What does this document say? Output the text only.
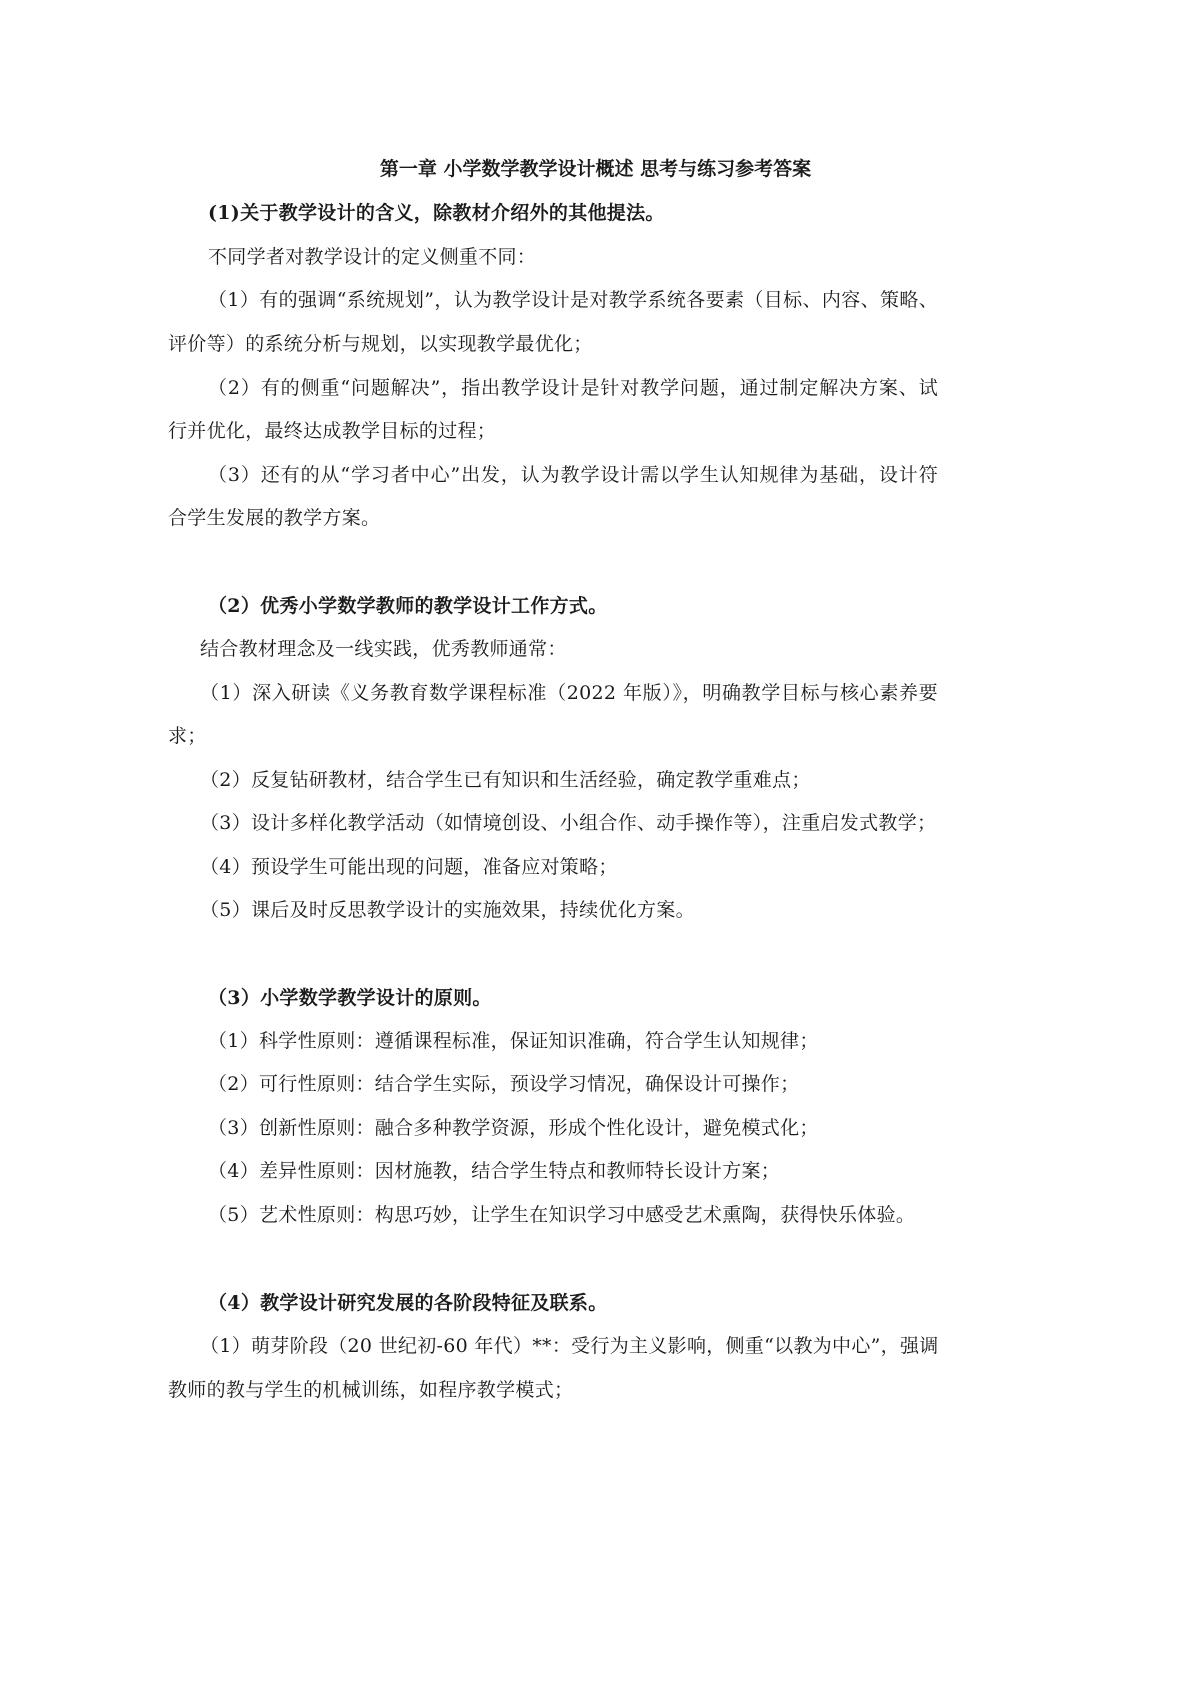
第一章 小学数学教学设计概述 思考与练习参考答案
(1)关于教学设计的含义，除教材介绍外的其他提法。
不同学者对教学设计的定义侧重不同：
（1）有的强调“系统规划”，认为教学设计是对教学系统各要素（目标、内容、策略、
评价等）的系统分析与规划，以实现教学最优化；
（2）有的侧重“问题解决”，指出教学设计是针对教学问题，通过制定解决方案、试
行并优化，最终达成教学目标的过程；
（3）还有的从“学习者中心”出发，认为教学设计需以学生认知规律为基础，设计符
合学生发展的教学方案。
（2）优秀小学数学教师的教学设计工作方式。
结合教材理念及一线实践，优秀教师通常：
（1）深入研读《义务教育数学课程标准（2022 年版）》，明确教学目标与核心素养要
求；
（2）反复钻研教材，结合学生已有知识和生活经验，确定教学重难点；
（3）设计多样化教学活动（如情境创设、小组合作、动手操作等），注重启发式教学；
（4）预设学生可能出现的问题，准备应对策略；
（5）课后及时反思教学设计的实施效果，持续优化方案。
（3）小学数学教学设计的原则。
（1）科学性原则：遵循课程标准，保证知识准确，符合学生认知规律；
（2）可行性原则：结合学生实际，预设学习情况，确保设计可操作；
（3）创新性原则：融合多种教学资源，形成个性化设计，避免模式化；
（4）差异性原则：因材施教，结合学生特点和教师特长设计方案；
（5）艺术性原则：构思巧妙，让学生在知识学习中感受艺术熏陶，获得快乐体验。
（4）教学设计研究发展的各阶段特征及联系。
（1）萌芽阶段（20 世纪初-60 年代）**：受行为主义影响，侧重“以教为中心”，强调
教师的教与学生的机械训练，如程序教学模式；
